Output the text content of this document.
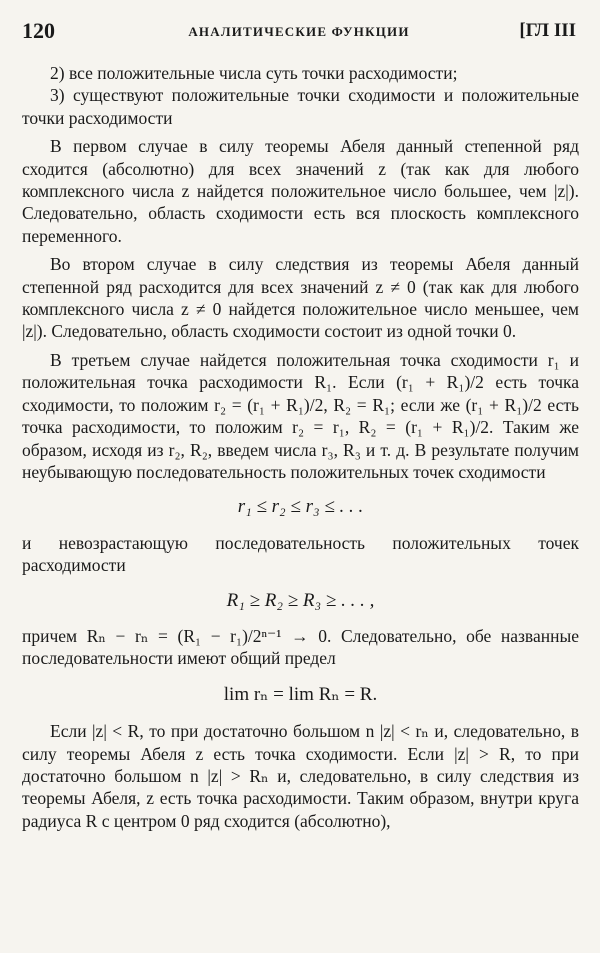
120	АНАЛИТИЧЕСКИЕ ФУНКЦИИ	[ГЛ III

2) все положительные числа суть точки расходимости;

3) существуют положительные точки сходимости и положительные точки расходимости

В первом случае в силу теоремы Абеля данный степенной ряд сходится (абсолютно) для всех значений z (так как для любого комплексного числа z найдется положительное число большее, чем |z|). Следовательно, область сходимости есть вся плоскость комплексного переменного.

Во втором случае в силу следствия из теоремы Абеля данный степенной ряд расходится для всех значений z ≠ 0 (так как для любого комплексного числа z ≠ 0 найдется положительное число меньшее, чем |z|). Следовательно, область сходимости состоит из одной точки 0.

В третьем случае найдется положительная точка сходимости r₁ и положительная точка расходимости R₁. Если (r₁ + R₁)/2 есть точка сходимости, то положим r₂ = (r₁ + R₁)/2, R₂ = R₁; если же (r₁ + R₁)/2 есть точка расходимости, то положим r₂ = r₁, R₂ = (r₁ + R₁)/2. Таким же образом, исходя из r₂, R₂, введем числа r₃, R₃ и т. д. В результате получим неубывающую последовательность положительных точек сходимости

r₁ ≤ r₂ ≤ r₃ ≤ . . .

и невозрастающую последовательность положительных точек расходимости

R₁ ≥ R₂ ≥ R₃ ≥ . . . ,

причем Rₙ − rₙ = (R₁ − r₁)/2ⁿ⁻¹ → 0. Следовательно, обе названные последовательности имеют общий предел

lim rₙ = lim Rₙ = R.

Если |z| < R, то при достаточно большом n |z| < rₙ и, следовательно, в силу теоремы Абеля z есть точка сходимости. Если |z| > R, то при достаточно большом n |z| > Rₙ и, следовательно, в силу следствия из теоремы Абеля, z есть точка расходимости. Таким образом, внутри круга радиуса R с центром 0 ряд сходится (абсолютно),
